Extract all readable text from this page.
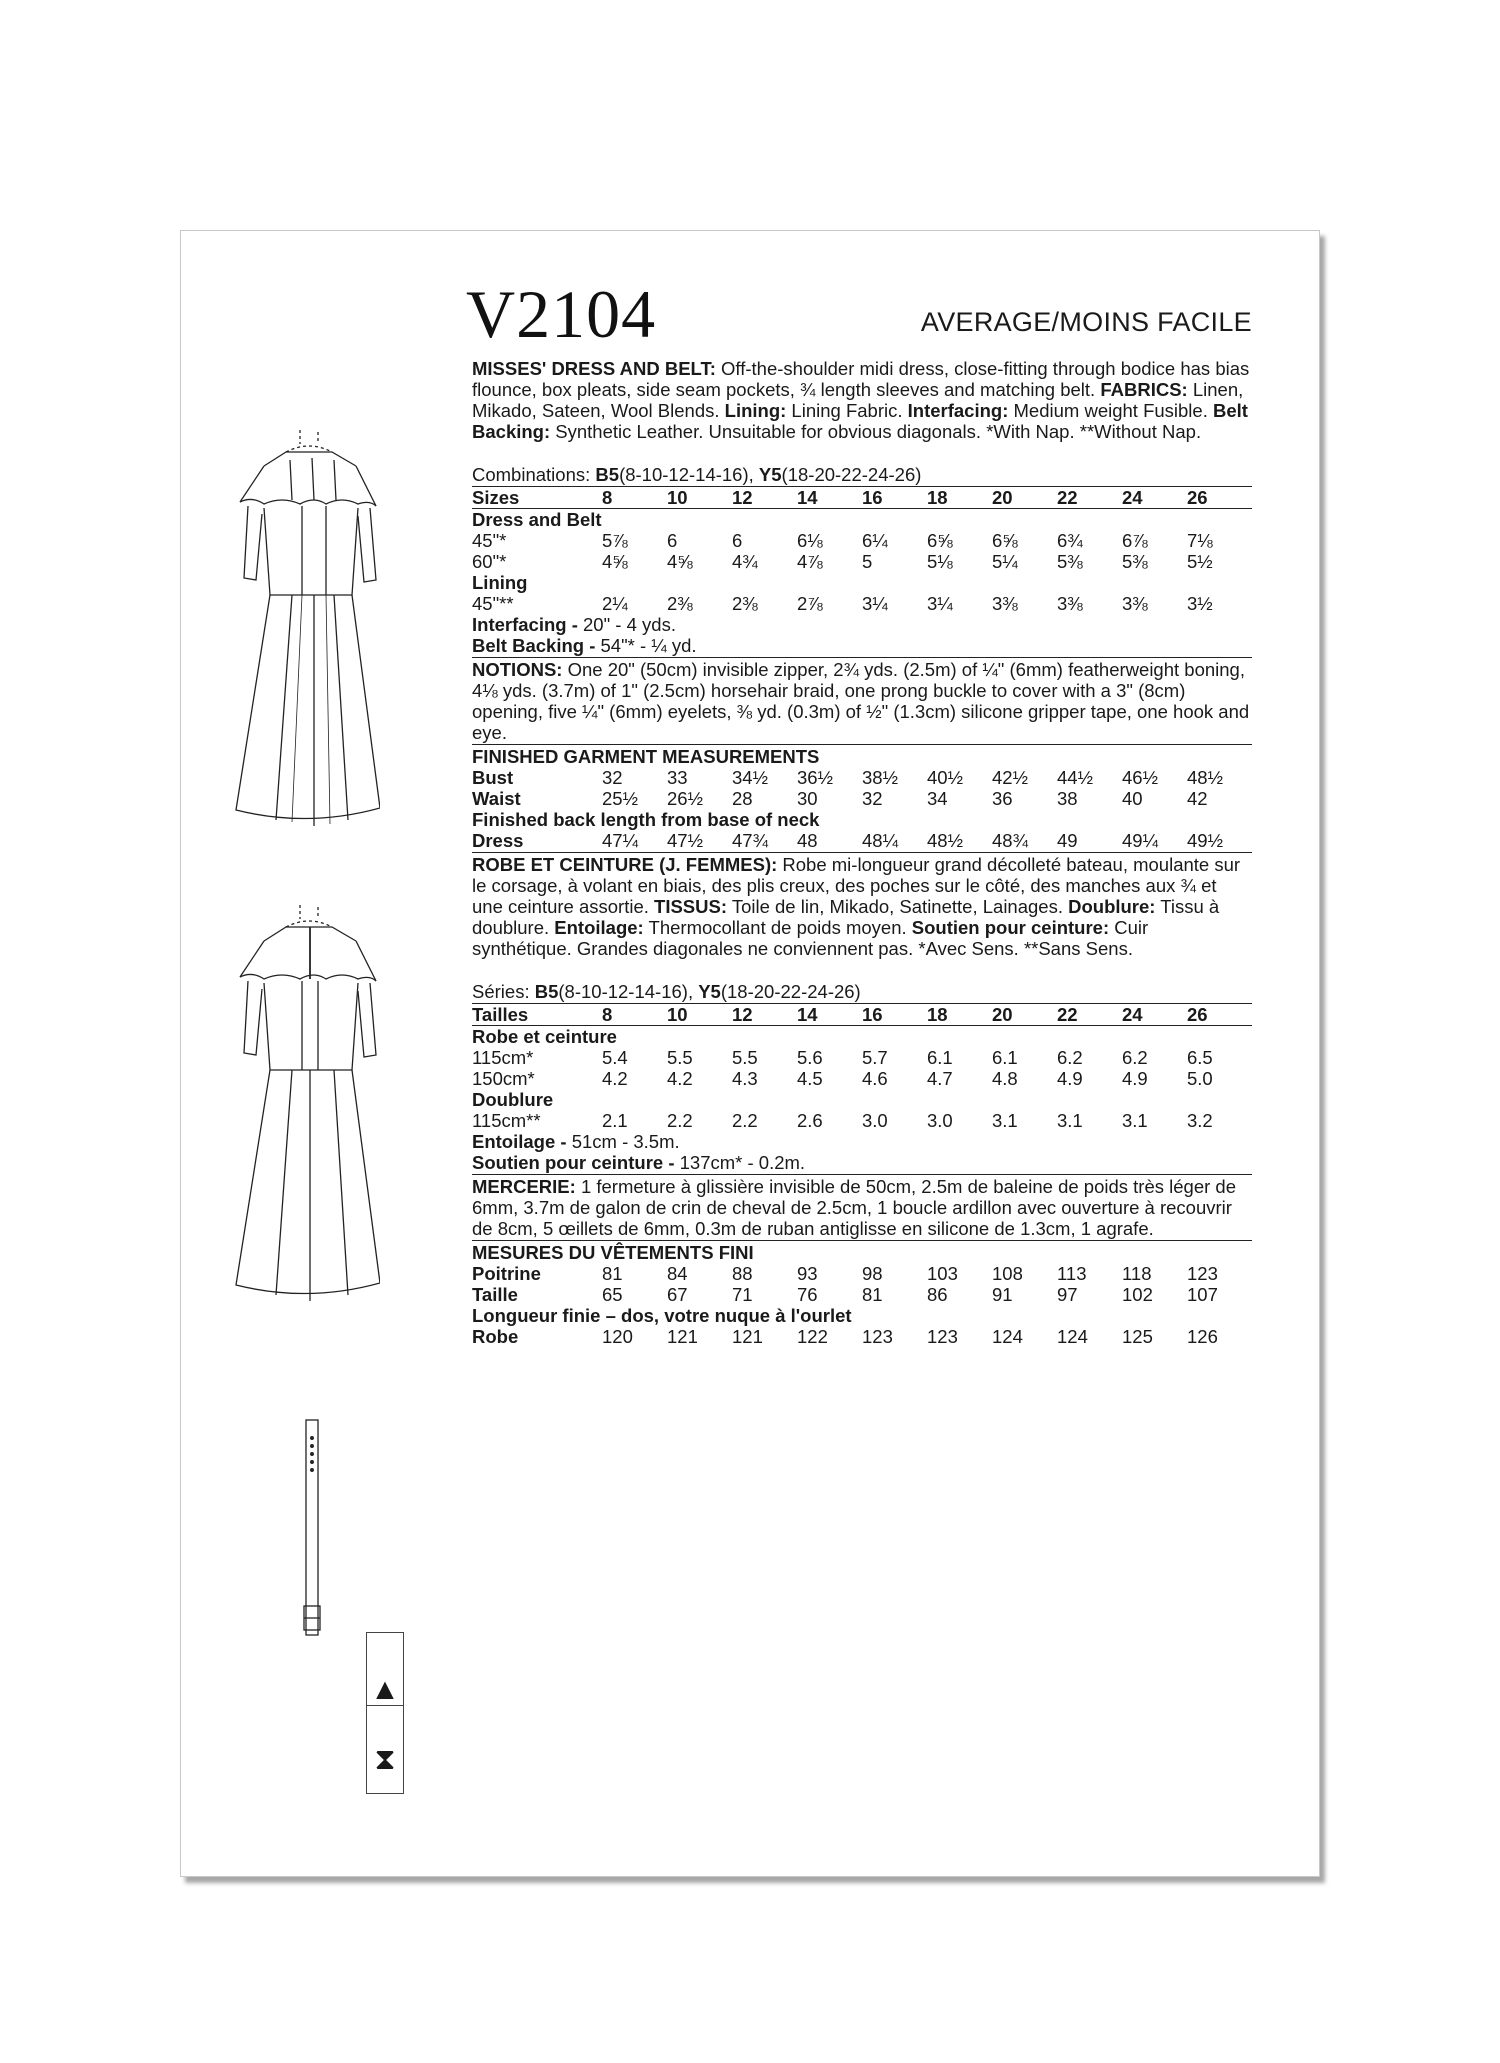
▲
⧗
V2104	AVERAGE/MOINS FACILE

MISSES' DRESS AND BELT: Off-the-shoulder midi dress, close-fitting through bodice has bias flounce, box pleats, side seam pockets, ¾ length sleeves and matching belt. FABRICS: Linen, Mikado, Sateen, Wool Blends. Lining: Lining Fabric. Interfacing: Medium weight Fusible. Belt Backing: Synthetic Leather. Unsuitable for obvious diagonals. *With Nap. **Without Nap.

Combinations: B5(8-10-12-14-16), Y5(18-20-22-24-26)
Sizes	8	10	12	14	16	18	20	22	24	26
Dress and Belt
45"*	5⅞	6	6	6⅛	6¼	6⅝	6⅝	6¾	6⅞	7⅛
60"*	4⅝	4⅝	4¾	4⅞	5	5⅛	5¼	5⅜	5⅜	5½
Lining
45"**	2¼	2⅜	2⅜	2⅞	3¼	3¼	3⅜	3⅜	3⅜	3½
Interfacing - 20" - 4 yds.
Belt Backing - 54"* - ¼ yd.

NOTIONS: One 20" (50cm) invisible zipper, 2¾ yds. (2.5m) of ¼" (6mm) featherweight boning, 4⅛ yds. (3.7m) of 1" (2.5cm) horsehair braid, one prong buckle to cover with a 3" (8cm) opening, five ¼" (6mm) eyelets, ⅜ yd. (0.3m) of ½" (1.3cm) silicone gripper tape, one hook and eye.

FINISHED GARMENT MEASUREMENTS
Bust	32	33	34½	36½	38½	40½	42½	44½	46½	48½
Waist	25½	26½	28	30	32	34	36	38	40	42
Finished back length from base of neck
Dress	47¼	47½	47¾	48	48¼	48½	48¾	49	49¼	49½

ROBE ET CEINTURE (J. FEMMES): Robe mi-longueur grand décolleté bateau, moulante sur le corsage, à volant en biais, des plis creux, des poches sur le côté, des manches aux ¾ et une ceinture assortie. TISSUS: Toile de lin, Mikado, Satinette, Lainages. Doublure: Tissu à doublure. Entoilage: Thermocollant de poids moyen. Soutien pour ceinture: Cuir synthétique. Grandes diagonales ne conviennent pas. *Avec Sens. **Sans Sens.

Séries: B5(8-10-12-14-16), Y5(18-20-22-24-26)
Tailles	8	10	12	14	16	18	20	22	24	26
Robe et ceinture
115cm*	5.4	5.5	5.5	5.6	5.7	6.1	6.1	6.2	6.2	6.5
150cm*	4.2	4.2	4.3	4.5	4.6	4.7	4.8	4.9	4.9	5.0
Doublure
115cm**	2.1	2.2	2.2	2.6	3.0	3.0	3.1	3.1	3.1	3.2
Entoilage - 51cm - 3.5m.
Soutien pour ceinture - 137cm* - 0.2m.

MERCERIE: 1 fermeture à glissière invisible de 50cm, 2.5m de baleine de poids très léger de 6mm, 3.7m de galon de crin de cheval de 2.5cm, 1 boucle ardillon avec ouverture à recouvrir de 8cm, 5 œillets de 6mm, 0.3m de ruban antiglisse en silicone de 1.3cm, 1 agrafe.

MESURES DU VÊTEMENTS FINI
Poitrine	81	84	88	93	98	103	108	113	118	123
Taille	65	67	71	76	81	86	91	97	102	107
Longueur finie – dos, votre nuque à l'ourlet
Robe	120	121	121	122	123	123	124	124	125	126
